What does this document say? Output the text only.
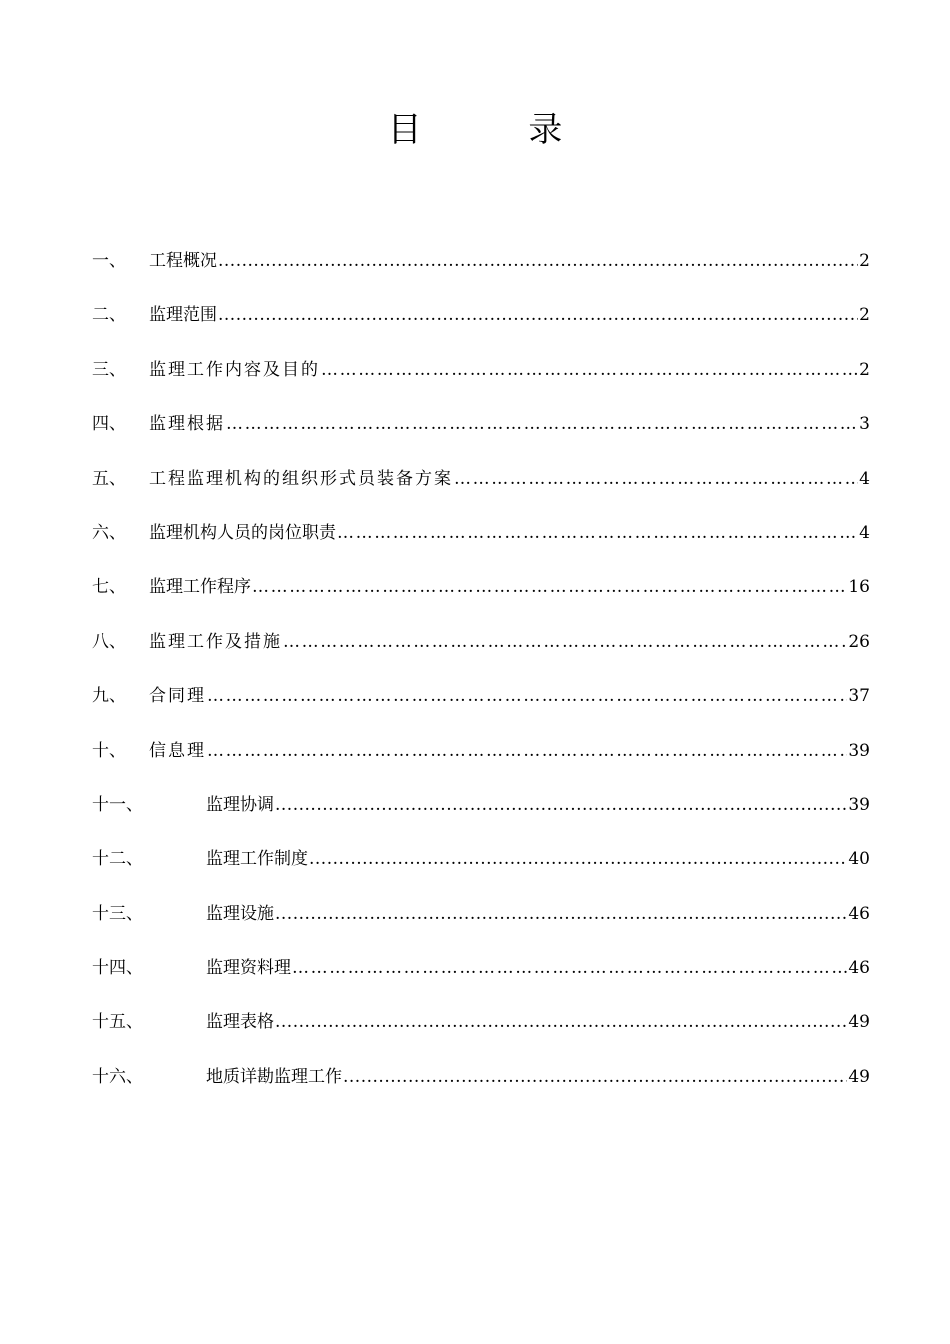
目 录
一、	工程概况 .....	2
二、	监理范围 .....	2
三、	监理工作内容及目的 ……………………………………………………………………………………………………………………………………………………………………………………………………………………………………………………………………………………	2
四、	监理根据 ……………………………………………………………………………………………………………………………………………………………………………………………………………………………………………………………………………………	3
五、	工程监理机构的组织形式员装备方案 ……………………………………………………………………………………………………………………………………………………………………………………………………………………………………………………………………………………	4
六、	监理机构人员的岗位职责 ……………………………………………………………………………………………………………………………………………………………………………………………………………………………………………………………………………………	4
七、	监理工作程序 ……………………………………………………………………………………………………………………………………………………………………………………………………………………………………………………………………………………	16
八、	监理工作及措施 ……………………………………………………………………………………………………………………………………………………………………………………………………………………………………………………………………………………	26
九、	合同理 ……………………………………………………………………………………………………………………………………………………………………………………………………………………………………………………………………………………	37
十、	信息理 ……………………………………………………………………………………………………………………………………………………………………………………………………………………………………………………………………………………	39
十一、	监理协调 .....	39
十二、	监理工作制度 .....	40
十三、	监理设施 .....	46
十四、	监理资料理 ……………………………………………………………………………………………………………………………………………………………………………………………………………………………………………………………………………………	46
十五、	监理表格 .....	49
十六、	地质详勘监理工作 .....	49
